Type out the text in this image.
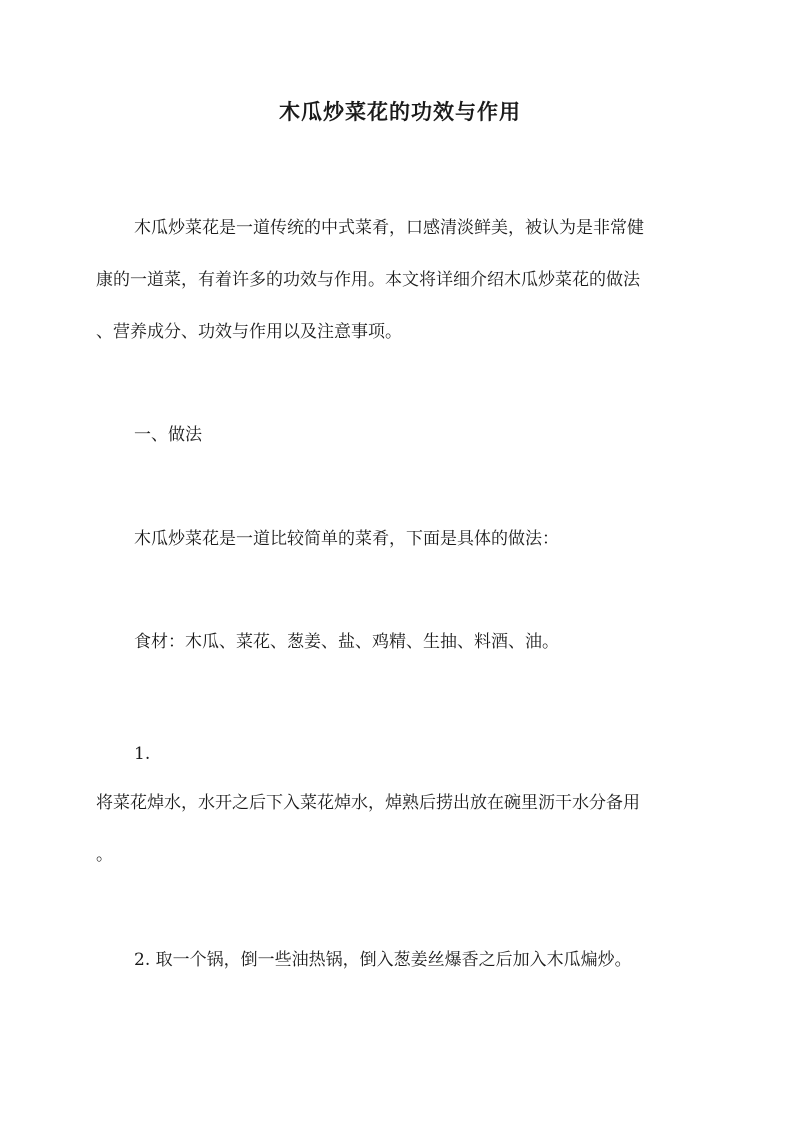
木瓜炒菜花的功效与作用

木瓜炒菜花是一道传统的中式菜肴，口感清淡鲜美，被认为是非常健

康的一道菜，有着许多的功效与作用。本文将详细介绍木瓜炒菜花的做法

、营养成分、功效与作用以及注意事项。

一、做法

木瓜炒菜花是一道比较简单的菜肴，下面是具体的做法：

食材：木瓜、菜花、葱姜、盐、鸡精、生抽、料酒、油。

1.

将菜花焯水，水开之后下入菜花焯水，焯熟后捞出放在碗里沥干水分备用

。

2. 取一个锅，倒一些油热锅，倒入葱姜丝爆香之后加入木瓜煸炒。
